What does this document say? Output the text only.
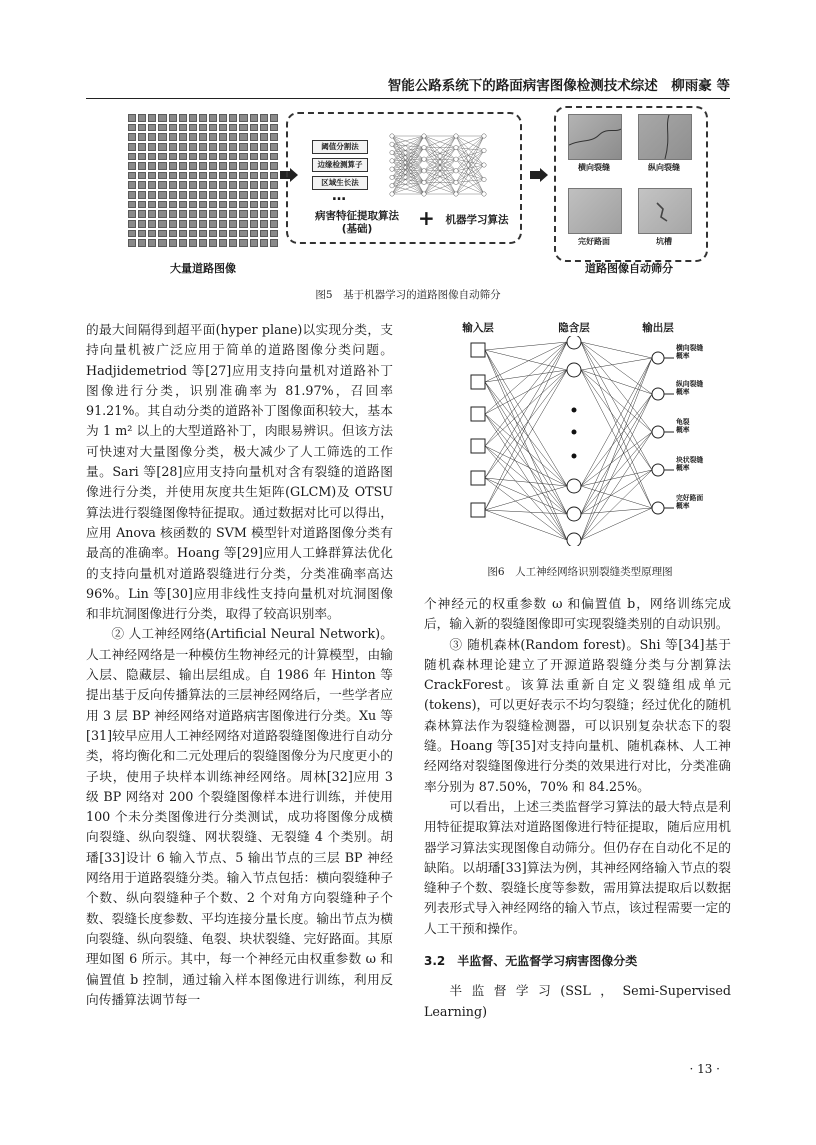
智能公路系统下的路面病害图像检测技术综述　柳雨豪 等
大量道路图像
阈值分割法
边缘检测算子
区域生长法
…
病害特征提取算法
(基础)	+	机器学习算法
横向裂缝	纵向裂缝
完好路面	坑槽
道路图像自动筛分
图5　基于机器学习的道路图像自动筛分

的最大间隔得到超平面(hyper plane)以实现分类，支持向量机被广泛应用于简单的道路图像分类问题。Hadjidemetriod 等[27]应用支持向量机对道路补丁图像进行分类，识别准确率为 81.97%，召回率 91.21%。其自动分类的道路补丁图像面积较大，基本为 1 m² 以上的大型道路补丁，肉眼易辨识。但该方法可快速对大量图像分类，极大减少了人工筛选的工作量。Sari 等[28]应用支持向量机对含有裂缝的道路图像进行分类，并使用灰度共生矩阵(GLCM)及 OTSU 算法进行裂缝图像特征提取。通过数据对比可以得出，应用 Anova 核函数的 SVM 模型针对道路图像分类有最高的准确率。Hoang 等[29]应用人工蜂群算法优化的支持向量机对道路裂缝进行分类，分类准确率高达 96%。Lin 等[30]应用非线性支持向量机对坑洞图像和非坑洞图像进行分类，取得了较高识别率。

② 人工神经网络(Artificial Neural Network)。人工神经网络是一种模仿生物神经元的计算模型，由输入层、隐藏层、输出层组成。自 1986 年 Hinton 等提出基于反向传播算法的三层神经网络后，一些学者应用 3 层 BP 神经网络对道路病害图像进行分类。Xu 等[31]较早应用人工神经网络对道路裂缝图像进行自动分类，将均衡化和二元处理后的裂缝图像分为尺度更小的子块，使用子块样本训练神经网络。周林[32]应用 3 级 BP 网络对 200 个裂缝图像样本进行训练，并使用 100 个未分类图像进行分类测试，成功将图像分成横向裂缝、纵向裂缝、网状裂缝、无裂缝 4 个类别。胡璠[33]设计 6 输入节点、5 输出节点的三层 BP 神经网络用于道路裂缝分类。输入节点包括：横向裂缝种子个数、纵向裂缝种子个数、2 个对角方向裂缝种子个数、裂缝长度参数、平均连接分量长度。输出节点为横向裂缝、纵向裂缝、龟裂、块状裂缝、完好路面。其原理如图 6 所示。其中，每一个神经元由权重参数 ω 和偏置值 b 控制，通过输入样本图像进行训练，利用反向传播算法调节每一

输入层	隐含层	输出层
横向裂缝
概率
纵向裂缝
概率
龟裂
概率
块状裂缝
概率
完好路面
概率
图6　人工神经网络识别裂缝类型原理图

个神经元的权重参数 ω 和偏置值 b，网络训练完成后，输入新的裂缝图像即可实现裂缝类别的自动识别。

③ 随机森林(Random forest)。Shi 等[34]基于随机森林理论建立了开源道路裂缝分类与分割算法 CrackForest。该算法重新自定义裂缝组成单元(tokens)，可以更好表示不均匀裂缝；经过优化的随机森林算法作为裂缝检测器，可以识别复杂状态下的裂缝。Hoang 等[35]对支持向量机、随机森林、人工神经网络对裂缝图像进行分类的效果进行对比，分类准确率分别为 87.50%，70% 和 84.25%。

可以看出，上述三类监督学习算法的最大特点是利用特征提取算法对道路图像进行特征提取，随后应用机器学习算法实现图像自动筛分。但仍存在自动化不足的缺陷。以胡璠[33]算法为例，其神经网络输入节点的裂缝种子个数、裂缝长度等参数，需用算法提取后以数据列表形式导入神经网络的输入节点，该过程需要一定的人工干预和操作。

3.2　半监督、无监督学习病害图像分类

半监督学习(SSL，Semi-Supervised Learning)

· 13 ·
